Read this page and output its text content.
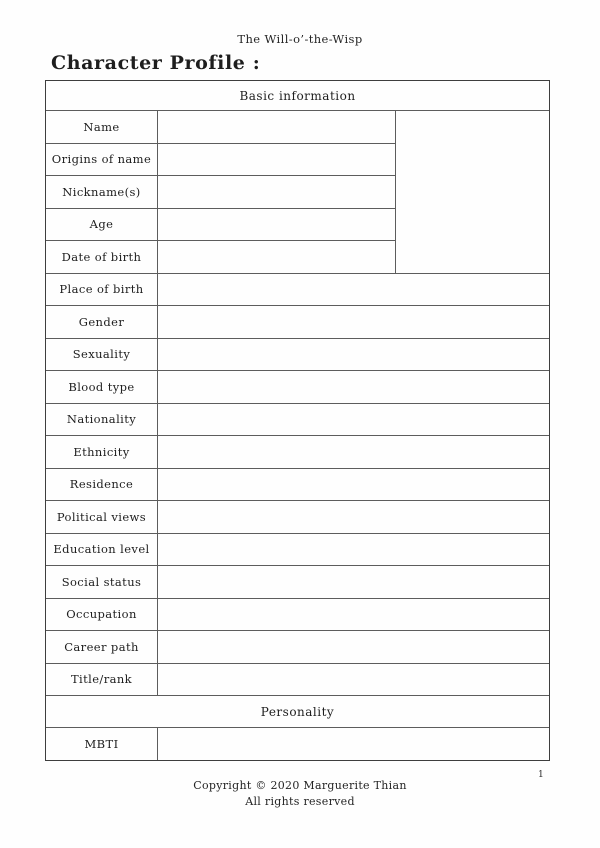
The Will-o’-the-Wisp
Character Profile :
Basic information
Name
Origins of name
Nickname(s)
Age
Date of birth
Place of birth
Gender
Sexuality
Blood type
Nationality
Ethnicity
Residence
Political views
Education level
Social status
Occupation
Career path
Title/rank
Personality
MBTI
1
Copyright © 2020 Marguerite Thian
All rights reserved
